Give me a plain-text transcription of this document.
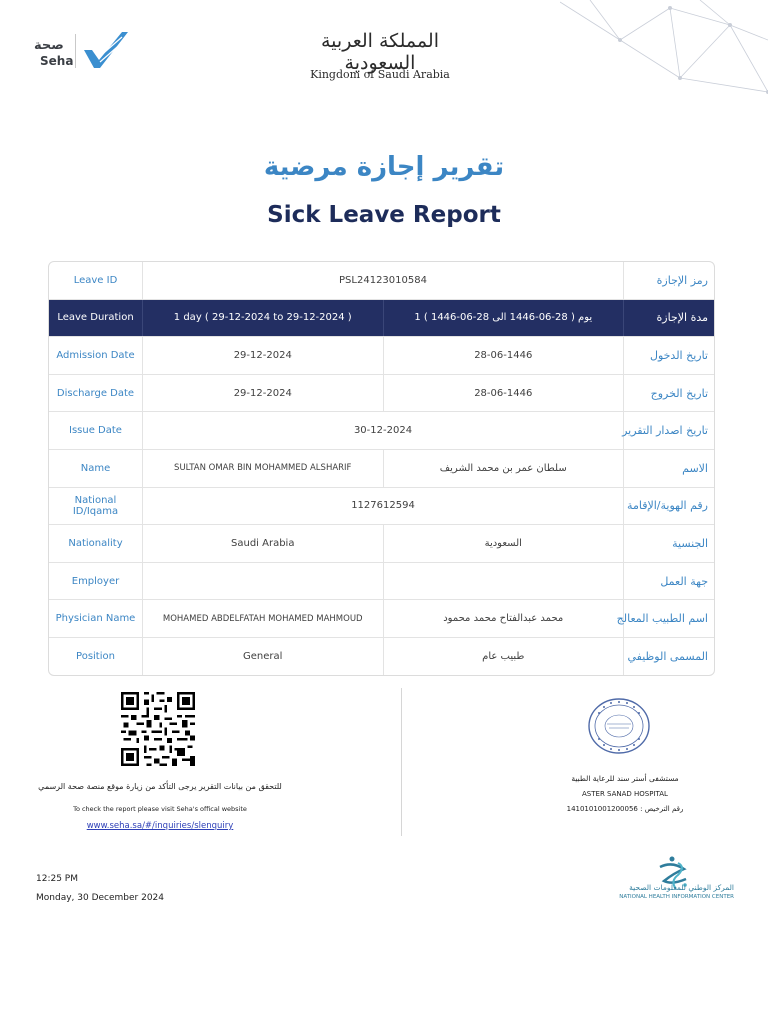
صحة
Seha
المملكة العربية السعودية
Kingdom of Saudi Arabia
تقرير إجازة مرضية
Sick Leave Report
Leave ID	PSL24123010584	رمز الإجازة
Leave Duration	1 day ( 29-12-2024 to 29-12-2024 )	1 يوم ( 28-06-1446 الى 28-06-1446 )	مدة الإجازة
Admission Date	29-12-2024	28-06-1446	تاريخ الدخول
Discharge Date	29-12-2024	28-06-1446	تاريخ الخروج
Issue Date	30-12-2024	تاريخ اصدار التقرير
Name	SULTAN OMAR BIN MOHAMMED ALSHARIF	سلطان عمر بن محمد الشريف	الاسم
National ID/Iqama	1127612594	رقم الهوية/الإقامة
Nationality	Saudi Arabia	السعودية	الجنسية
Employer	جهة العمل
Physician Name	MOHAMED ABDELFATAH MOHAMED MAHMOUD	محمد عبدالفتاح محمد محمود	اسم الطبيب المعالج
Position	General	طبيب عام	المسمى الوظيفي
للتحقق من بيانات التقرير يرجى التأكد من زيارة موقع منصة صحة الرسمي
To check the report please visit Seha's offical website
www.seha.sa/#/inquiries/slenquiry
مستشفى أستر سند للرعاية الطبية
ASTER SANAD HOSPITAL
1410101001200056 : رقم الترخيص
12:25 PM
Monday, 30 December 2024
المركز الوطني للمعلومات الصحية
NATIONAL HEALTH INFORMATION CENTER
